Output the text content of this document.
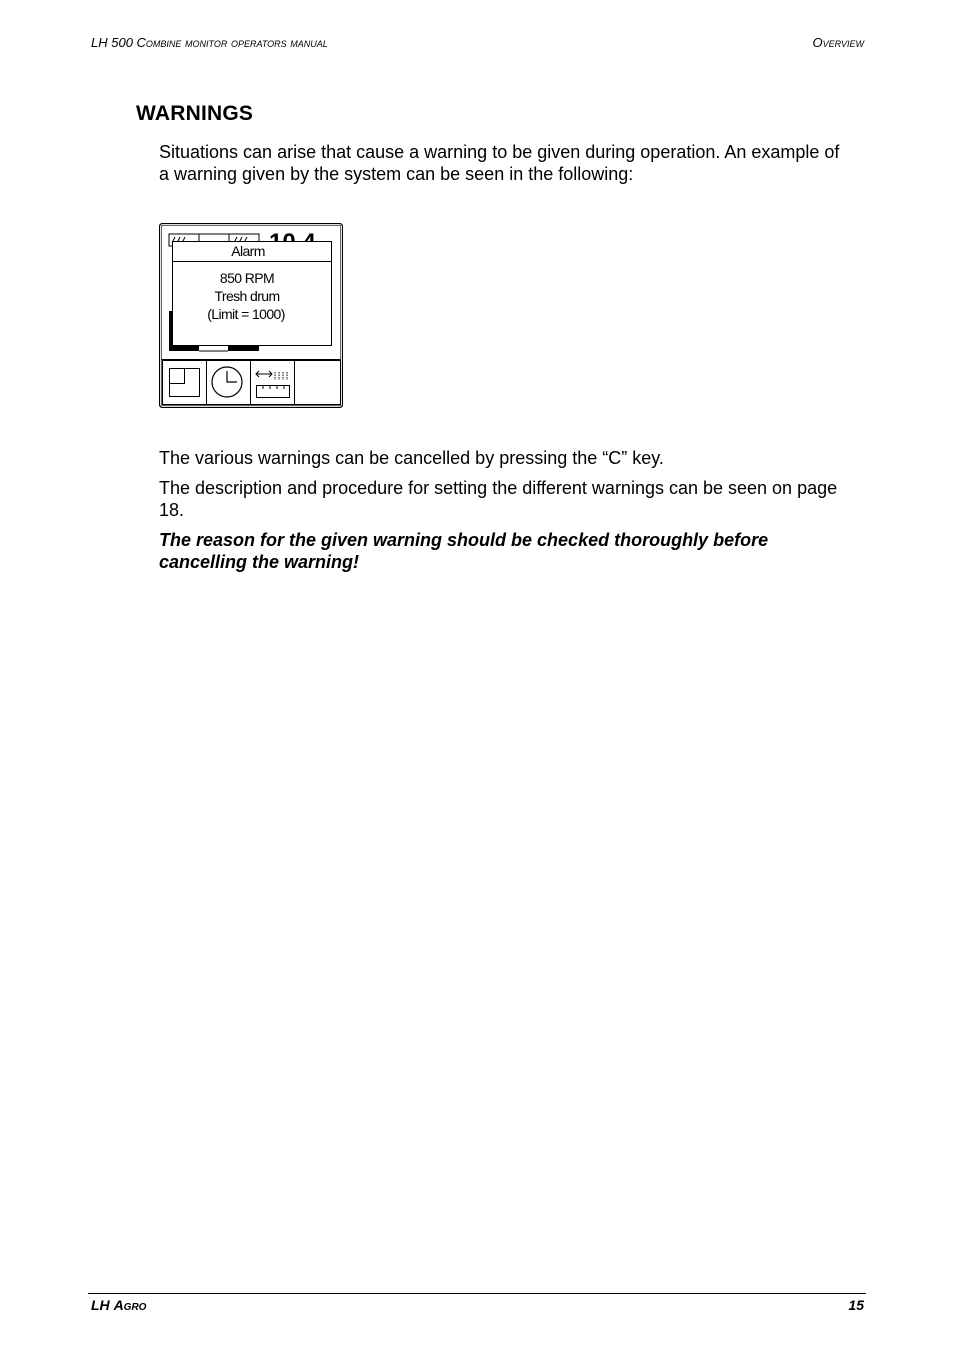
LH 500 Combine monitor operators manual	Overview
WARNINGS
Situations can arise that cause a warning to be given during operation. An example of a warning given by the system can be seen in the following:
Alarm
850 RPM
Tresh drum
(Limit = 1000)
The various warnings can be cancelled by pressing the “C” key.
The description and procedure for setting the different warnings can be seen on page 18.
The reason for the given warning should be checked thoroughly before cancelling the warning!
LH Agro	15
